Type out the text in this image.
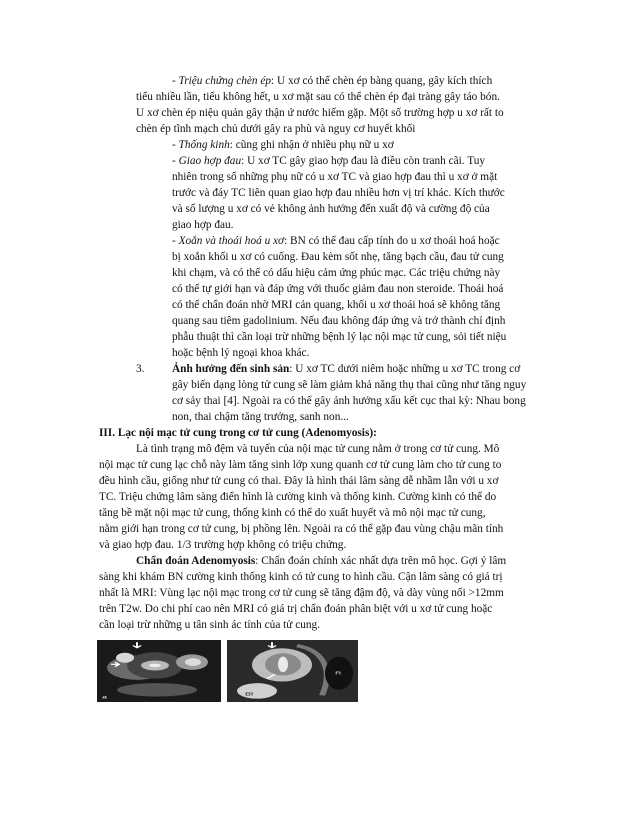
- Triệu chứng chèn ép: U xơ có thể chèn ép bàng quang, gây kích thích
tiểu nhiều lần, tiểu không hết, u xơ mặt sau có thể chèn ép đại tràng gây táo bón.
U xơ chèn ép niệu quản gây thận ứ nước hiếm gặp. Một số trường hợp u xơ rất to
chèn ép tĩnh mạch chủ dưới gây ra phù và nguy cơ huyết khối
- Thống kinh: cũng ghi nhận ở nhiều phụ nữ u xơ
- Giao hợp đau: U xơ TC gây giao hợp đau là điều còn tranh cãi. Tuy
nhiên trong số những phụ nữ có u xơ TC và giao hợp đau thì u xơ ở mặt
trước và đáy TC liên quan giao hợp đau nhiều hơn vị trí khác. Kích thước
và số lượng u xơ có vẻ không ảnh hưởng đến xuất độ và cường độ của
giao hợp đau.
- Xoắn và thoái hoá u xơ: BN có thể đau cấp tính do u xơ thoái hoá hoặc
bị xoắn khối u xơ có cuống. Đau kèm sốt nhẹ, tăng bạch cầu, đau tử cung
khi chạm, và có thể có dấu hiệu cảm ứng phúc mạc. Các triệu chứng này
có thể tự giới hạn và đáp ứng với thuốc giảm đau non steroide. Thoái hoá
có thể chẩn đoán nhờ MRI cản quang, khối u xơ thoái hoá sẽ không tăng
quang sau tiêm gadolinium. Nếu đau không đáp ứng và trở thành chỉ định
phẫu thuật thì cần loại trừ những bệnh lý lạc nội mạc tử cung, sỏi tiết niệu
hoặc bệnh lý ngoại khoa khác.
3. Ảnh hưởng đến sinh sản: U xơ TC dưới niêm hoặc những u xơ TC trong cơ
gây biến dạng lòng tử cung sẽ làm giảm khả năng thụ thai cũng như tăng nguy
cơ sảy thai [4]. Ngoài ra có thể gây ảnh hưởng xấu kết cục thai kỳ: Nhau bong
non, thai chậm tăng trưởng, sanh non...
III. Lạc nội mạc tử cung trong cơ tử cung (Adenomyosis):
Là tình trạng mô đệm và tuyến của nội mạc tử cung nằm ở trong cơ tử cung. Mô
nội mạc tử cung lạc chỗ này làm tăng sinh lớp xung quanh cơ tử cung làm cho tử cung to
đều hình cầu, giống như tử cung có thai. Đây là hình thái lâm sàng dễ nhầm lẫn với u xơ
TC. Triệu chứng lâm sàng điển hình là cường kinh và thống kinh. Cường kinh có thể do
tăng bề mặt nội mạc tử cung, thống kinh có thể do xuất huyết và mô nội mạc tử cung,
nằm giới hạn trong cơ tử cung, bị phồng lên. Ngoài ra có thể gặp đau vùng chậu mãn tính
và giao hợp đau. 1/3 trường hợp không có triệu chứng.
Chẩn đoán Adenomyosis: Chẩn đoán chính xác nhất dựa trên mô học. Gợi ý lâm
sàng khi khám BN cường kinh thống kinh có tử cung to hình cầu. Cận lâm sàng có giá trị
nhất là MRI: Vùng lạc nội mạc trong cơ tử cung sẽ tăng đậm độ, và dày vùng nối >12mm
trên T2w. Do chi phí cao nên MRI có giá trị chẩn đoán phân biệt với u xơ tử cung hoặc
cần loại trừ những u tân sinh ác tính của tử cung.
a
Bl
R
